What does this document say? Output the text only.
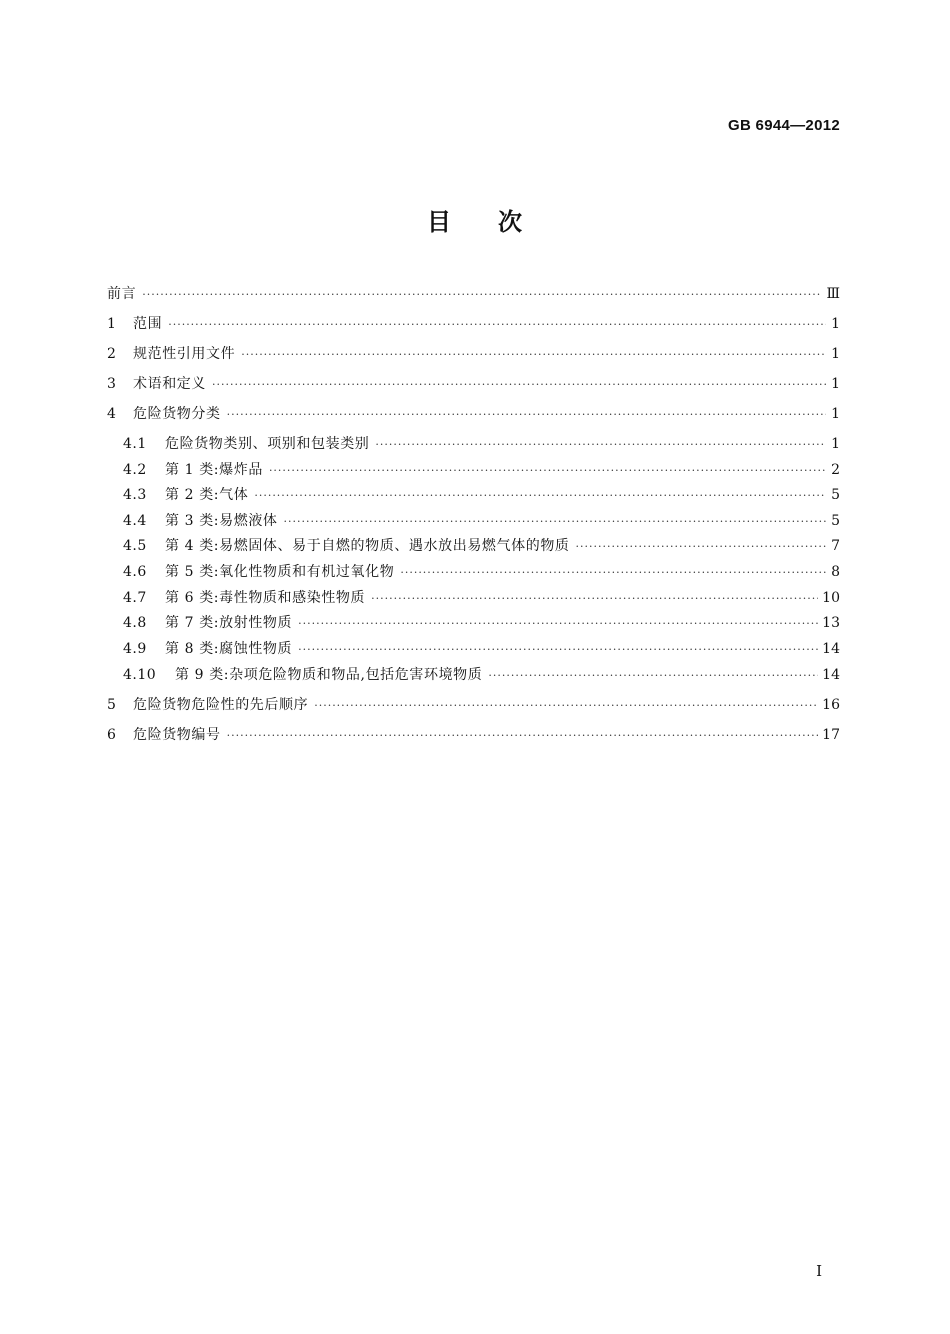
GB 6944—2012
目 次
前言 ·····	Ⅲ
1	范围 ·····	1
2	规范性引用文件 ·····	1
3	术语和定义 ·····	1
4	危险货物分类 ·····	1
4.1	危险货物类别、项别和包装类别 ·····	1
4.2	第 1 类:爆炸品 ·····	2
4.3	第 2 类:气体 ·····	5
4.4	第 3 类:易燃液体 ·····	5
4.5	第 4 类:易燃固体、易于自燃的物质、遇水放出易燃气体的物质 ·····	7
4.6	第 5 类:氧化性物质和有机过氧化物 ·····	8
4.7	第 6 类:毒性物质和感染性物质 ·····	10
4.8	第 7 类:放射性物质 ·····	13
4.9	第 8 类:腐蚀性物质 ·····	14
4.10	第 9 类:杂项危险物质和物品,包括危害环境物质 ·····	14
5	危险货物危险性的先后顺序 ·····	16
6	危险货物编号 ·····	17
I
